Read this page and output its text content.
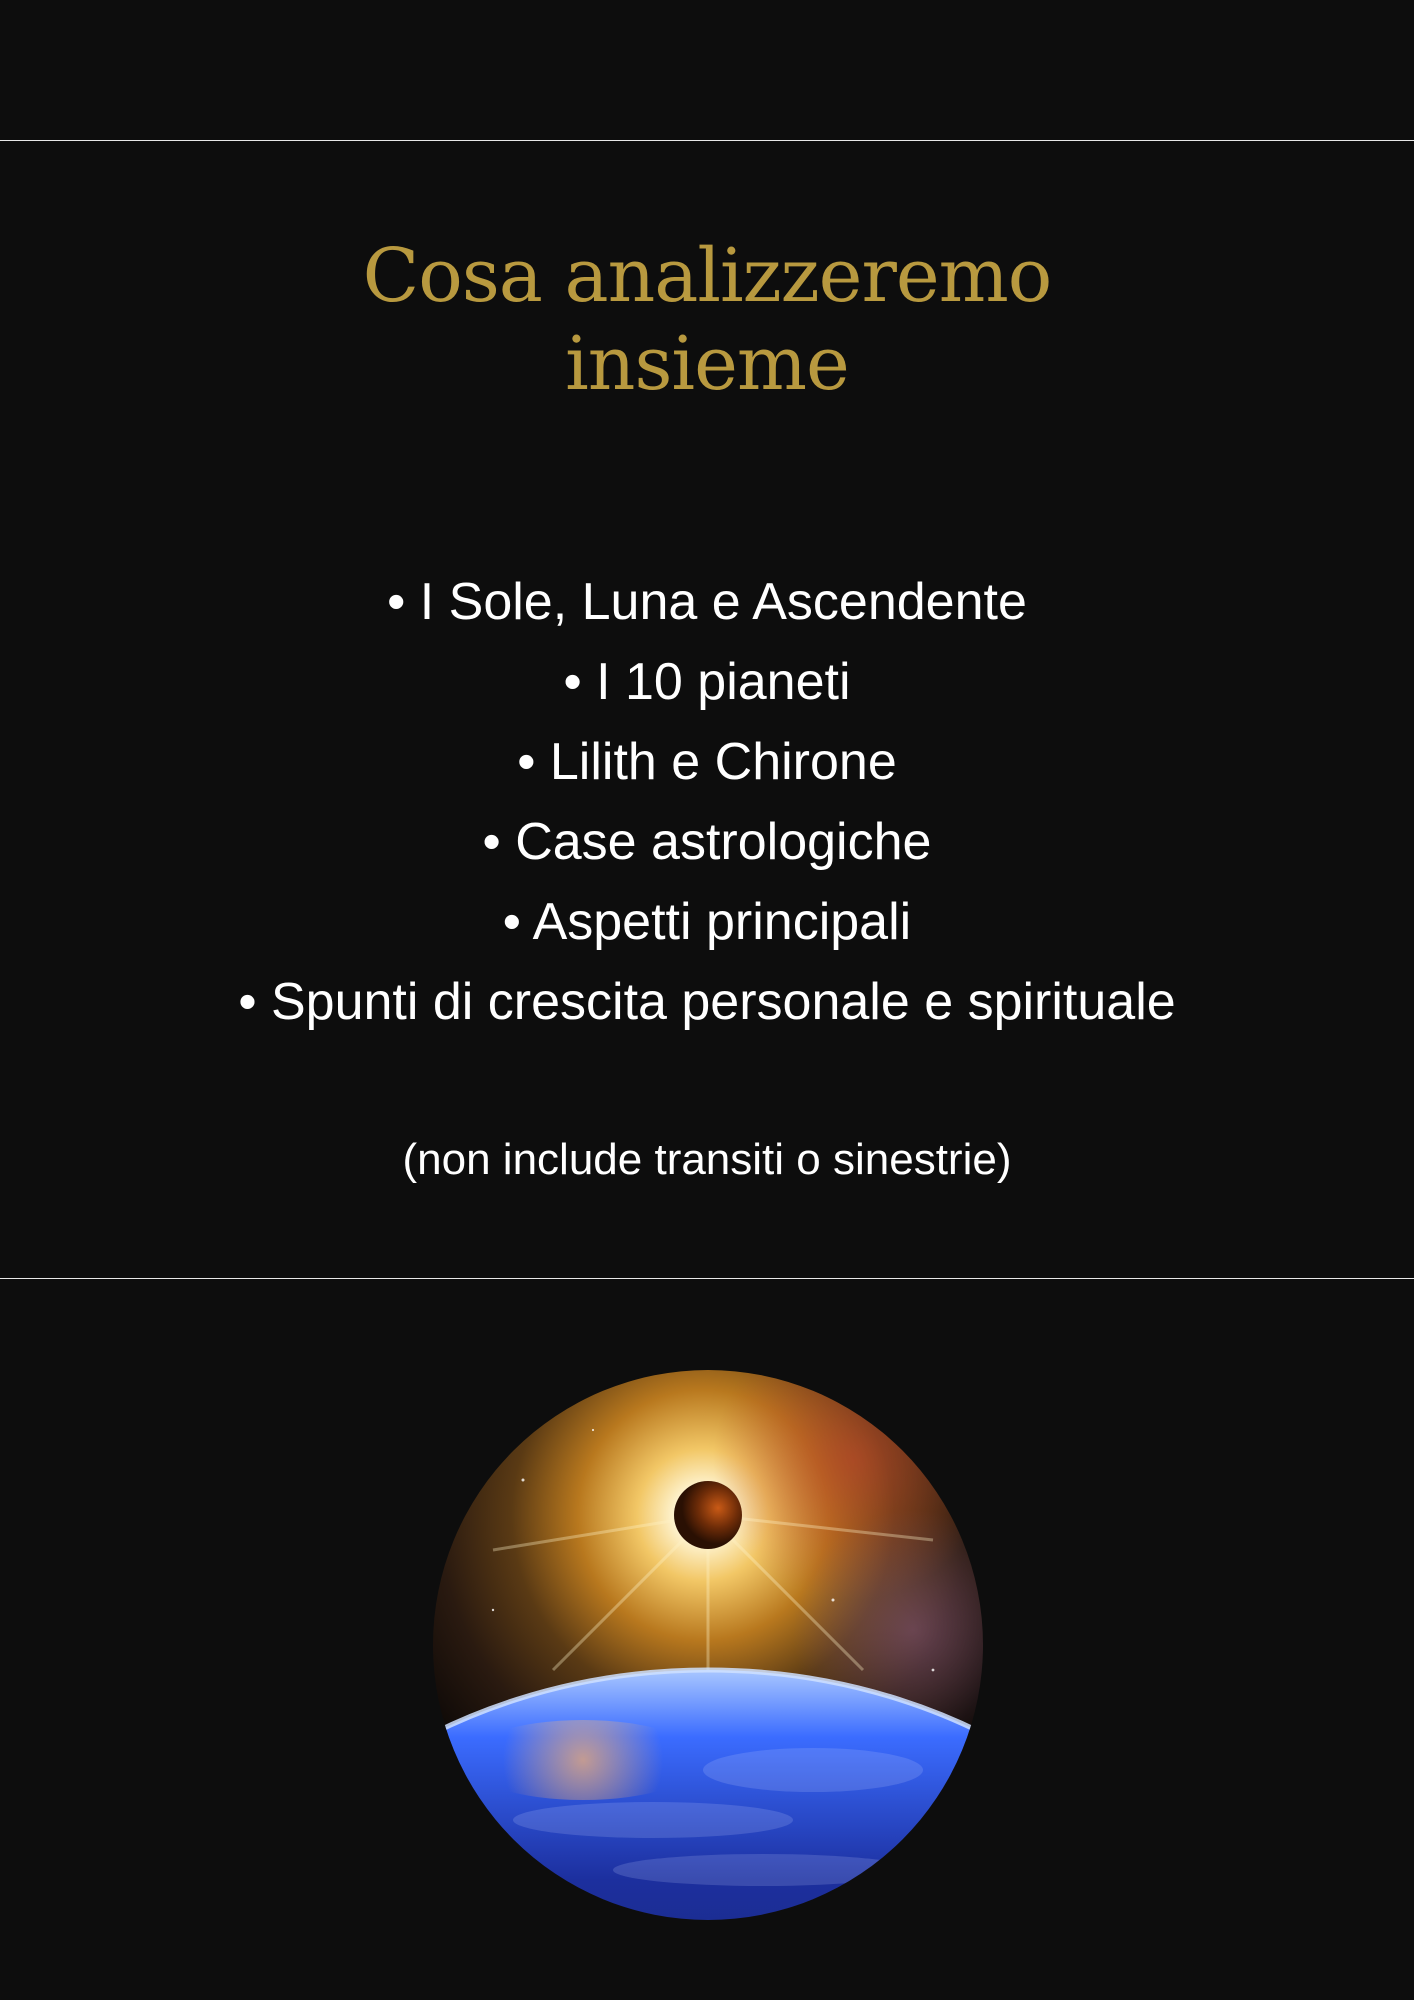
Cosa analizzeremo
insieme
• I Sole, Luna e Ascendente
• I 10 pianeti
• Lilith e Chirone
• Case astrologiche
• Aspetti principali
• Spunti di crescita personale e spirituale
(non include transiti o sinestrie)
